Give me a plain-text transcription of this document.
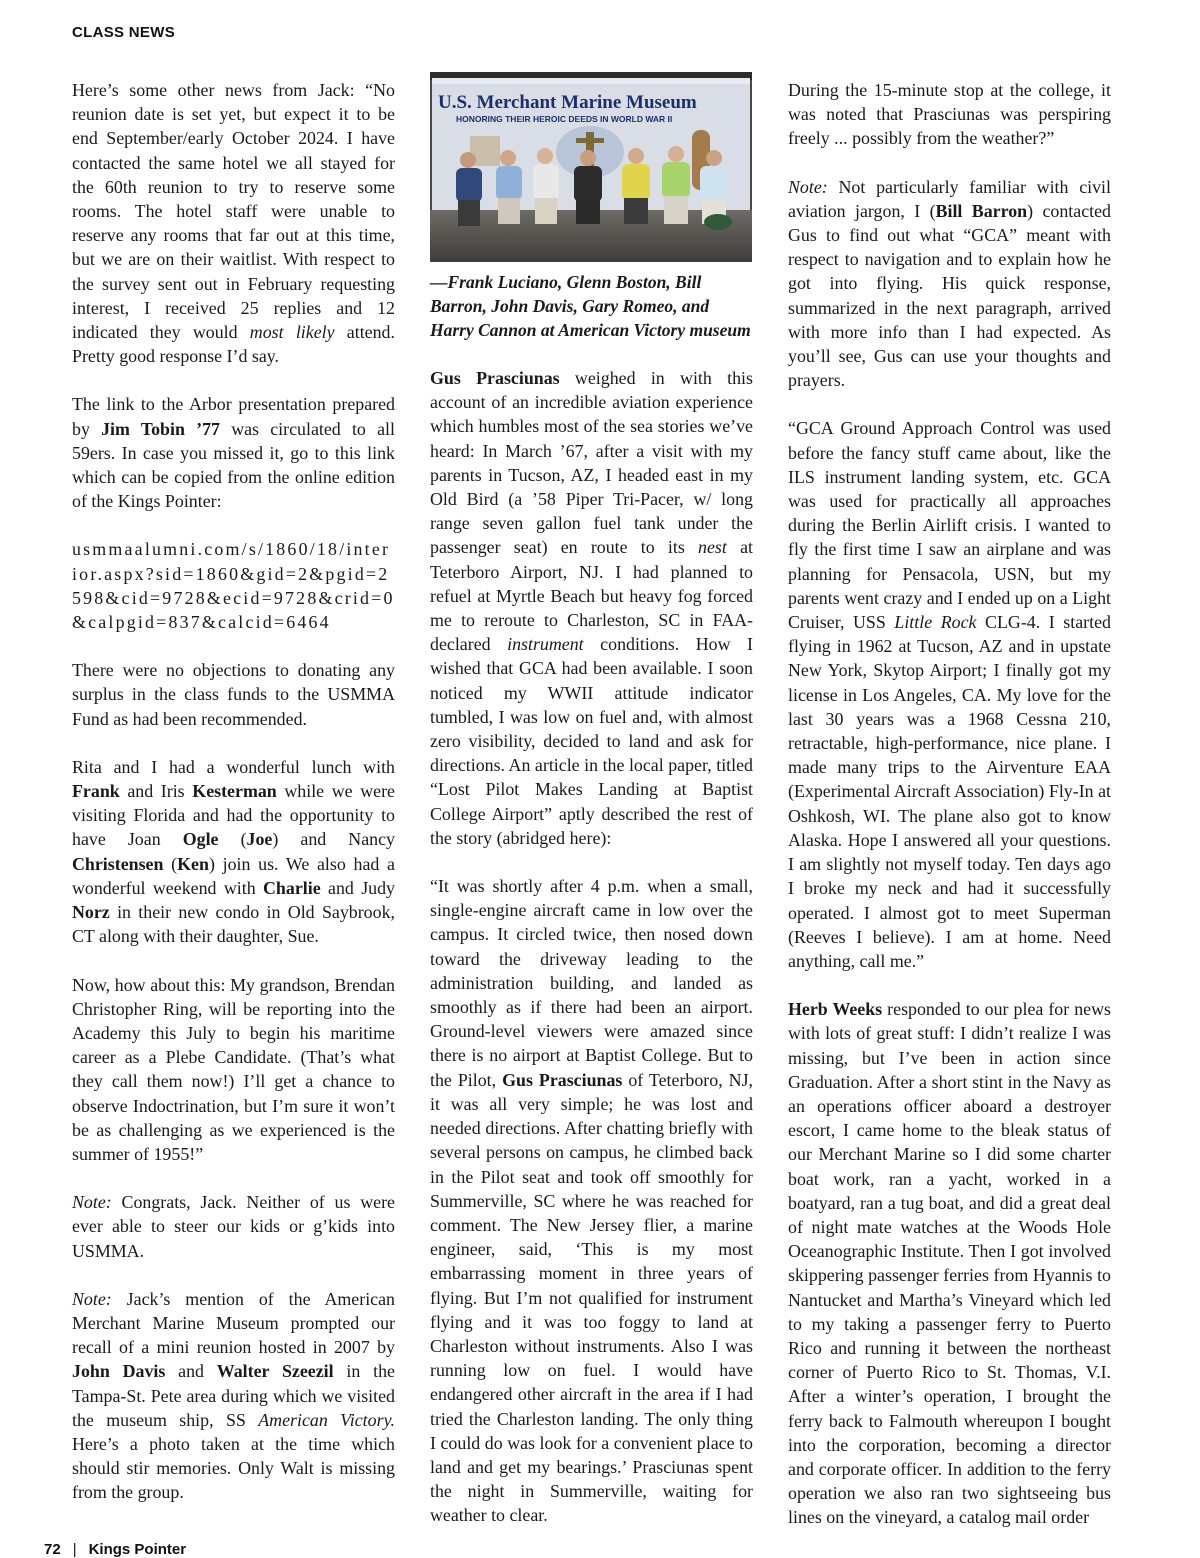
CLASS NEWS

Here’s some other news from Jack: “No reunion date is set yet, but expect it to be end September/early October 2024. I have contacted the same hotel we all stayed for the 60th reunion to try to reserve some rooms. The hotel staff were unable to reserve any rooms that far out at this time, but we are on their waitlist. With respect to the survey sent out in February requesting interest, I received 25 replies and 12 indicated they would most likely attend. Pretty good response I’d say.

The link to the Arbor presentation prepared by Jim Tobin ’77 was circulated to all 59ers. In case you missed it, go to this link which can be copied from the online edition of the Kings Pointer:

usmmaalumni.com/s/1860/18/interior.aspx?sid=1860&gid=2&pgid=2598&cid=9728&ecid=9728&crid=0&calpgid=837&calcid=6464

There were no objections to donating any surplus in the class funds to the USMMA Fund as had been recommended.

Rita and I had a wonderful lunch with Frank and Iris Kesterman while we were visiting Florida and had the opportunity to have Joan Ogle (Joe) and Nancy Christensen (Ken) join us. We also had a wonderful weekend with Charlie and Judy Norz in their new condo in Old Saybrook, CT along with their daughter, Sue.

Now, how about this: My grandson, Brendan Christopher Ring, will be reporting into the Academy this July to begin his maritime career as a Plebe Candidate. (That’s what they call them now!) I’ll get a chance to observe Indoctrination, but I’m sure it won’t be as challenging as we experienced is the summer of 1955!”

Note: Congrats, Jack. Neither of us were ever able to steer our kids or g’kids into USMMA.

Note: Jack’s mention of the American Merchant Marine Museum prompted our recall of a mini reunion hosted in 2007 by John Davis and Walter Szeezil in the Tampa-St. Pete area during which we visited the museum ship, SS American Victory. Here’s a photo taken at the time which should stir memories. Only Walt is missing from the group.

U.S. Merchant Marine Museum
HONORING THEIR HEROIC DEEDS IN WORLD WAR II

—Frank Luciano, Glenn Boston, Bill Barron, John Davis, Gary Romeo, and Harry Cannon at American Victory museum

Gus Prasciunas weighed in with this account of an incredible aviation experience which humbles most of the sea stories we’ve heard: In March ’67, after a visit with my parents in Tucson, AZ, I headed east in my Old Bird (a ’58 Piper Tri-Pacer, w/ long range seven gallon fuel tank under the passenger seat) en route to its nest at Teterboro Airport, NJ. I had planned to refuel at Myrtle Beach but heavy fog forced me to reroute to Charleston, SC in FAA-declared instrument conditions. How I wished that GCA had been available. I soon noticed my WWII attitude indicator tumbled, I was low on fuel and, with almost zero visibility, decided to land and ask for directions. An article in the local paper, titled “Lost Pilot Makes Landing at Baptist College Airport” aptly described the rest of the story (abridged here):

“It was shortly after 4 p.m. when a small, single-engine aircraft came in low over the campus. It circled twice, then nosed down toward the driveway leading to the administration building, and landed as smoothly as if there had been an airport. Ground-level viewers were amazed since there is no airport at Baptist College. But to the Pilot, Gus Prasciunas of Teterboro, NJ, it was all very simple; he was lost and needed directions. After chatting briefly with several persons on campus, he climbed back in the Pilot seat and took off smoothly for Summerville, SC where he was reached for comment. The New Jersey flier, a marine engineer, said, ‘This is my most embarrassing moment in three years of flying. But I’m not qualified for instrument flying and it was too foggy to land at Charleston without instruments. Also I was running low on fuel. I would have endangered other aircraft in the area if I had tried the Charleston landing. The only thing I could do was look for a convenient place to land and get my bearings.’ Prasciunas spent the night in Summerville, waiting for weather to clear.

During the 15-minute stop at the college, it was noted that Prasciunas was perspiring freely ... possibly from the weather?”

Note: Not particularly familiar with civil aviation jargon, I (Bill Barron) contacted Gus to find out what “GCA” meant with respect to navigation and to explain how he got into flying. His quick response, summarized in the next paragraph, arrived with more info than I had expected. As you’ll see, Gus can use your thoughts and prayers.

“GCA Ground Approach Control was used before the fancy stuff came about, like the ILS instrument landing system, etc. GCA was used for practically all approaches during the Berlin Airlift crisis. I wanted to fly the first time I saw an airplane and was planning for Pensacola, USN, but my parents went crazy and I ended up on a Light Cruiser, USS Little Rock CLG-4. I started flying in 1962 at Tucson, AZ and in upstate New York, Skytop Airport; I finally got my license in Los Angeles, CA. My love for the last 30 years was a 1968 Cessna 210, retractable, high-performance, nice plane. I made many trips to the Airventure EAA (Experimental Aircraft Association) Fly-In at Oshkosh, WI. The plane also got to know Alaska. Hope I answered all your questions. I am slightly not myself today. Ten days ago I broke my neck and had it successfully operated. I almost got to meet Superman (Reeves I believe). I am at home. Need anything, call me.”

Herb Weeks responded to our plea for news with lots of great stuff: I didn’t realize I was missing, but I’ve been in action since Graduation. After a short stint in the Navy as an operations officer aboard a destroyer escort, I came home to the bleak status of our Merchant Marine so I did some charter boat work, ran a yacht, worked in a boatyard, ran a tug boat, and did a great deal of night mate watches at the Woods Hole Oceanographic Institute. Then I got involved skippering passenger ferries from Hyannis to Nantucket and Martha’s Vineyard which led to my taking a passenger ferry to Puerto Rico and running it between the northeast corner of Puerto Rico to St. Thomas, V.I. After a winter’s operation, I brought the ferry back to Falmouth whereupon I bought into the corporation, becoming a director and corporate officer. In addition to the ferry operation we also ran two sightseeing bus lines on the vineyard, a catalog mail order

72 | Kings Pointer
